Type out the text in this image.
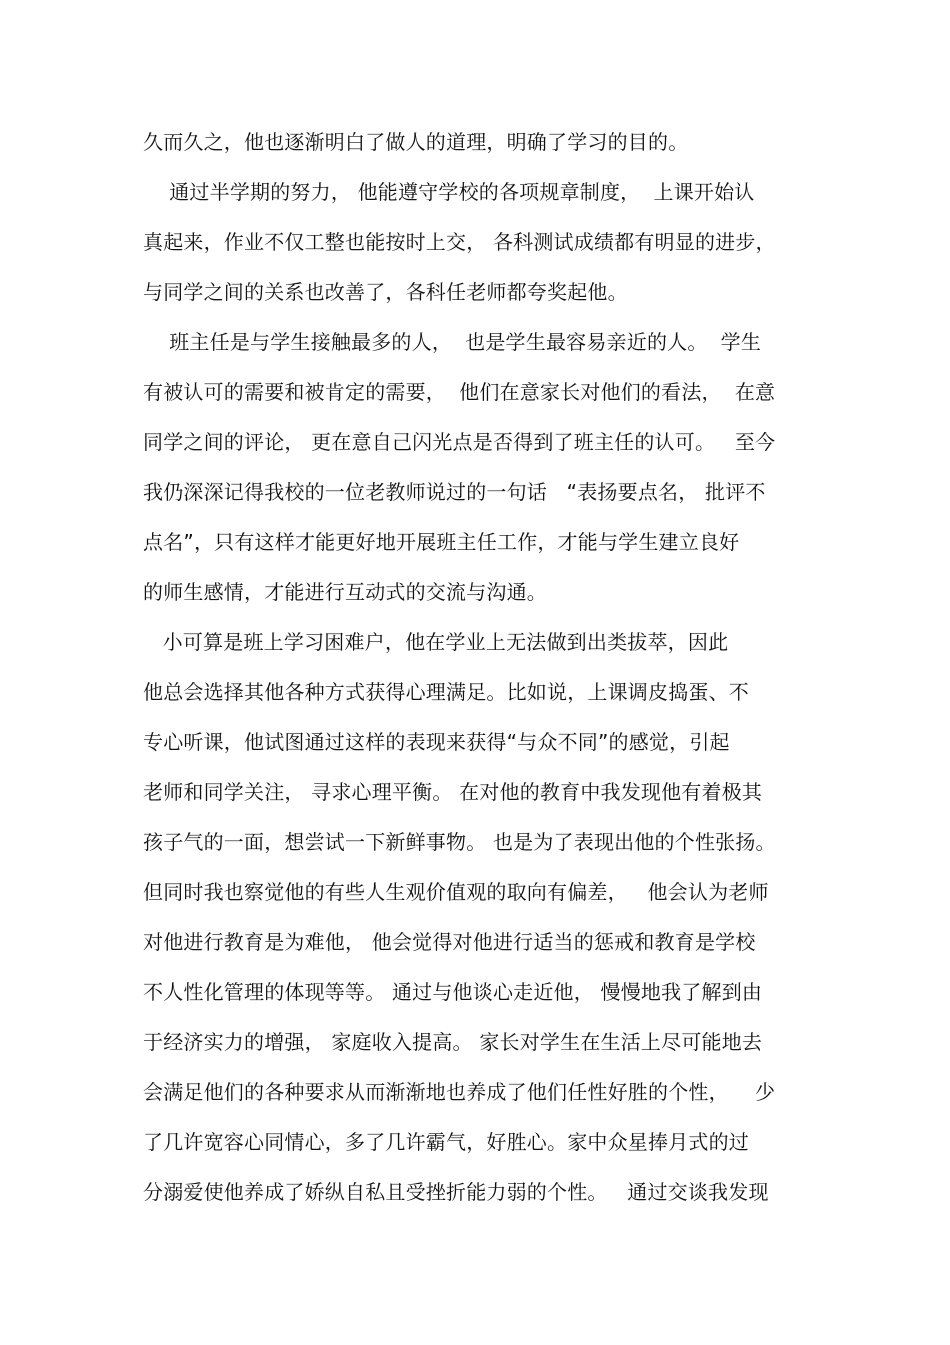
久而久之，他也逐渐明白了做人的道理，明确了学习的目的。
通过半学期的努力， 他能遵守学校的各项规章制度，  上课开始认
真起来，作业不仅工整也能按时上交， 各科测试成绩都有明显的进步，
与同学之间的关系也改善了，各科任老师都夸奖起他。
班主任是与学生接触最多的人，  也是学生最容易亲近的人。  学生
有被认可的需要和被肯定的需要，  他们在意家长对他们的看法，  在意
同学之间的评论， 更在意自己闪光点是否得到了班主任的认可。   至今
我仍深深记得我校的一位老教师说过的一句话   “表扬要点名， 批评不
点名”，只有这样才能更好地开展班主任工作，才能与学生建立良好
的师生感情，才能进行互动式的交流与沟通。
小可算是班上学习困难户，他在学业上无法做到出类拔萃，因此
他总会选择其他各种方式获得心理满足。比如说，上课调皮捣蛋、不
专心听课，他试图通过这样的表现来获得“与众不同”的感觉，引起
老师和同学关注， 寻求心理平衡。 在对他的教育中我发现他有着极其
孩子气的一面，想尝试一下新鲜事物。 也是为了表现出他的个性张扬。
但同时我也察觉他的有些人生观价值观的取向有偏差，   他会认为老师
对他进行教育是为难他， 他会觉得对他进行适当的惩戒和教育是学校
不人性化管理的体现等等。 通过与他谈心走近他， 慢慢地我了解到由
于经济实力的增强， 家庭收入提高。 家长对学生在生活上尽可能地去
会满足他们的各种要求从而渐渐地也养成了他们任性好胜的个性，    少
了几许宽容心同情心，多了几许霸气，好胜心。家中众星捧月式的过
分溺爱使他养成了娇纵自私且受挫折能力弱的个性。   通过交谈我发现
